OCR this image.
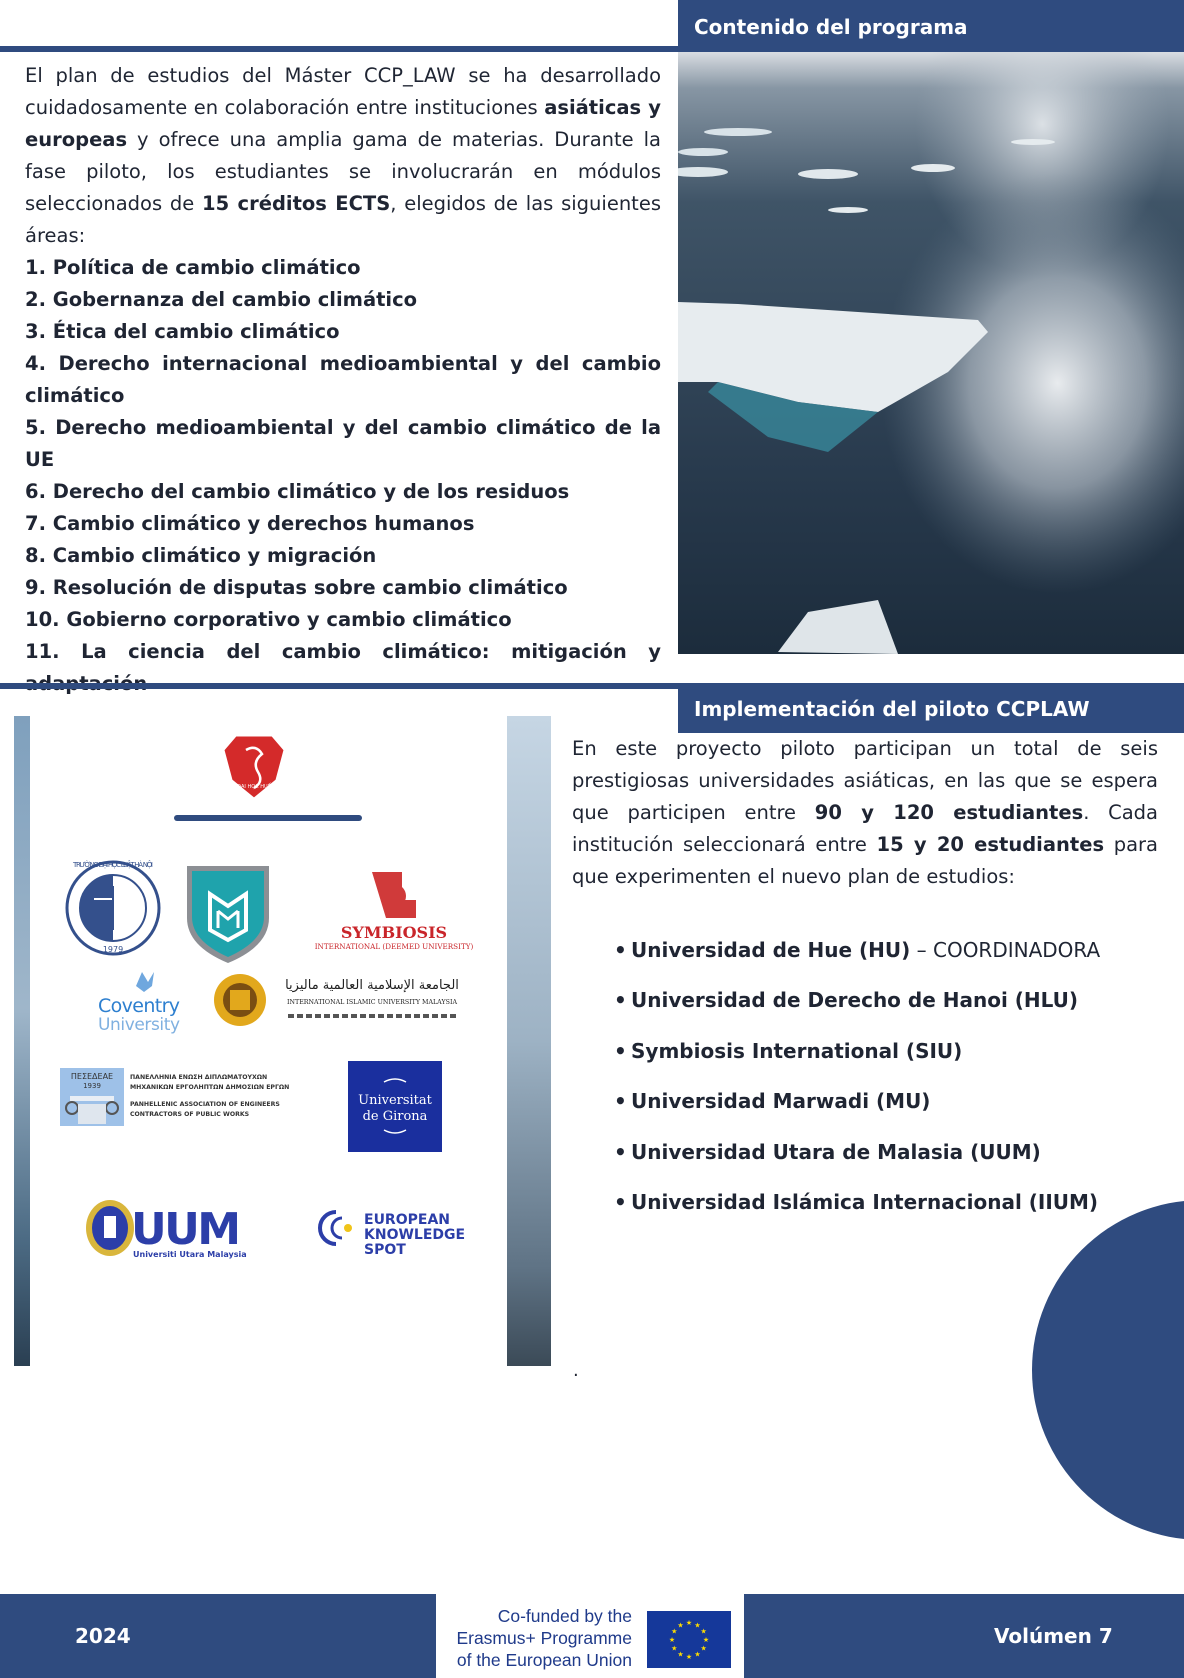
Contenido del programa

El plan de estudios del Máster CCP_LAW se ha desarrollado cuidadosamente en colaboración entre instituciones asiáticas y europeas y ofrece una amplia gama de materias. Durante la fase piloto, los estudiantes se involucrarán en módulos seleccionados de 15 créditos ECTS, elegidos de las siguientes áreas:

1. Política de cambio climático
2. Gobernanza del cambio climático
3. Ética del cambio climático
4. Derecho internacional medioambiental y del cambio climático
5. Derecho medioambiental y del cambio climático de la UE
6. Derecho del cambio climático y de los residuos
7. Cambio climático y derechos humanos
8. Cambio climático y migración
9. Resolución de disputas sobre cambio climático
10. Gobierno corporativo y cambio climático
11. La ciencia del cambio climático: mitigación y
Implementación del piloto CCPLAW
ĐẠI HỌC HUẾ
TRƯỜNG ĐẠI HỌC LUẬT HÀ NỘI
1979
SYMBIOSIS
INTERNATIONAL (DEEMED UNIVERSITY)
Coventry
University
الجامعة الإسلامية العالمية ماليزيا
INTERNATIONAL ISLAMIC UNIVERSITY MALAYSIA
ΠΕΣΕΔΕΑΕ
1939
ΠΑΝΕΛΛΗΝΙΑ ΕΝΩΣΗ ΔΙΠΛΩΜΑΤΟΥΧΩΝ
ΜΗΧΑΝΙΚΩΝ ΕΡΓΟΛΗΠΤΩΝ ΔΗΜΟΣΙΩΝ ΕΡΓΩΝ
PANHELLENIC ASSOCIATION OF ENGINEERS
CONTRACTORS OF PUBLIC WORKS
Universitat
de Girona
UUM
Universiti Utara Malaysia
EUROPEAN
KNOWLEDGE
SPOT

En este proyecto piloto participan un total de seis prestigiosas universidades asiáticas, en las que se espera que participen entre 90 y 120 estudiantes. Cada institución seleccionará entre 15 y 20 estudiantes para que experimenten el nuevo plan de estudios:

• Universidad de Hue (HU) – COORDINADORA
• Universidad de Derecho de Hanoi (HLU)
• Symbiosis International (SIU)
• Universidad Marwadi (MU)
• Universidad Utara de Malasia (UUM)
• Universidad Islámica Internacional (IIUM)
.
2024	Volúmen 7
Co-funded by the
Erasmus+ Programme
of the European Union
★ ★
★
★
★
★
★
★
★
★
★
★
